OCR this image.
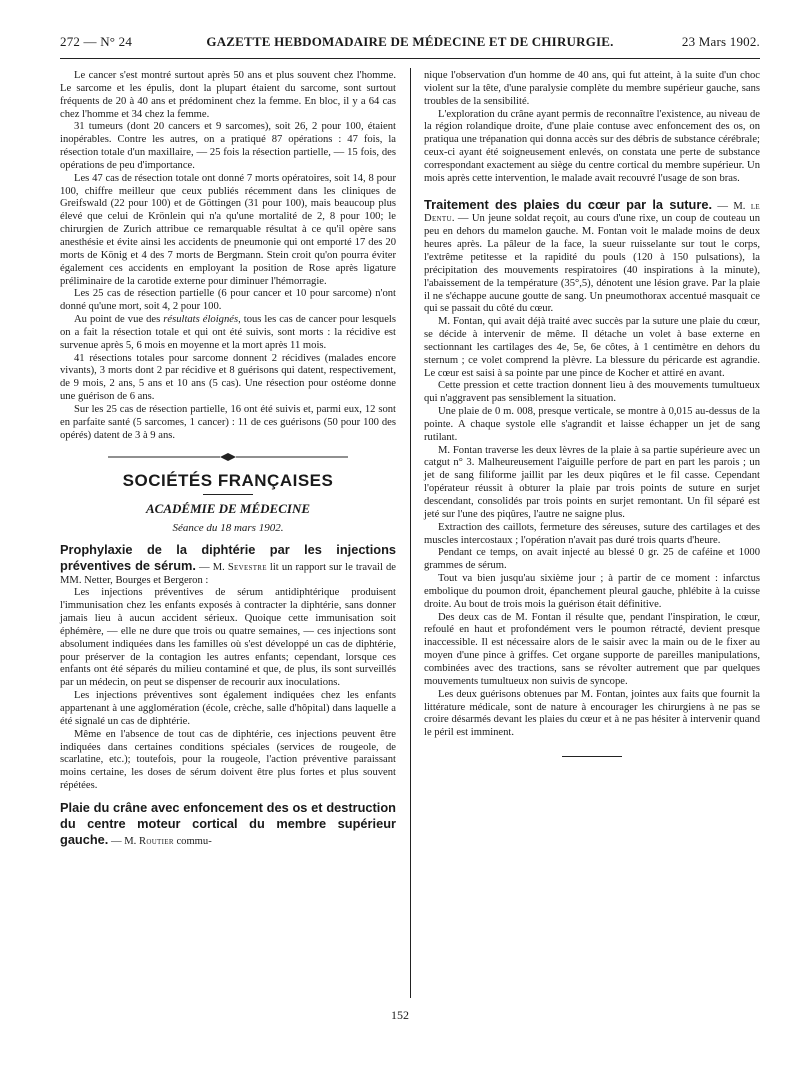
272 — N° 24	GAZETTE HEBDOMADAIRE DE MÉDECINE ET DE CHIRURGIE.	23 Mars 1902.

Le cancer s'est montré surtout après 50 ans et plus souvent chez l'homme. Le sarcome et les épulis, dont la plupart étaient du sarcome, sont surtout fréquents de 20 à 40 ans et prédominent chez la femme. En bloc, il y a 64 cas chez l'homme et 34 chez la femme.

31 tumeurs (dont 20 cancers et 9 sarcomes), soit 26, 2 pour 100, étaient inopérables. Contre les autres, on a pratiqué 87 opérations : 47 fois, la résection totale d'un maxillaire, — 25 fois la résection partielle, — 15 fois, des opérations de peu d'importance.

Les 47 cas de résection totale ont donné 7 morts opératoires, soit 14, 8 pour 100, chiffre meilleur que ceux publiés récemment dans les cliniques de Greifswald (22 pour 100) et de Göttingen (31 pour 100), mais beaucoup plus élevé que celui de Krönlein qui n'a qu'une mortalité de 2, 8 pour 100; le chirurgien de Zurich attribue ce remarquable résultat à ce qu'il opère sans anesthésie et évite ainsi les accidents de pneumonie qui ont emporté 17 des 20 morts de König et 4 des 7 morts de Bergmann. Stein croit qu'on pourra éviter également ces accidents en employant la position de Rose après ligature préliminaire de la carotide externe pour diminuer l'hémorragie.

Les 25 cas de résection partielle (6 pour cancer et 10 pour sarcome) n'ont donné qu'une mort, soit 4, 2 pour 100.

Au point de vue des résultats éloignés, tous les cas de cancer pour lesquels on a fait la résection totale et qui ont été suivis, sont morts : la récidive est survenue après 5, 6 mois en moyenne et la mort après 11 mois.

41 résections totales pour sarcome donnent 2 récidives (malades encore vivants), 3 morts dont 2 par récidive et 8 guérisons qui datent, respectivement, de 9 mois, 2 ans, 5 ans et 10 ans (5 cas). Une résection pour ostéome donne une guérison de 6 ans.

Sur les 25 cas de résection partielle, 16 ont été suivis et, parmi eux, 12 sont en parfaite santé (5 sarcomes, 1 cancer) : 11 de ces guérisons (50 pour 100 des opérés) datent de 3 à 9 ans.

SOCIÉTÉS FRANÇAISES
ACADÉMIE DE MÉDECINE
Séance du 18 mars 1902.

Prophylaxie de la diphtérie par les injections préventives de sérum. — M. Sevestre lit un rapport sur le travail de MM. Netter, Bourges et Bergeron :

Les injections préventives de sérum antidiphtérique produisent l'immunisation chez les enfants exposés à contracter la diphtérie, sans donner jamais lieu à aucun accident sérieux. Quoique cette immunisation soit éphémère, — elle ne dure que trois ou quatre semaines, — ces injections sont absolument indiquées dans les familles où s'est développé un cas de diphtérie, pour préserver de la contagion les autres enfants; cependant, lorsque ces enfants ont été séparés du milieu contaminé et que, de plus, ils sont surveillés par un médecin, on peut se dispenser de recourir aux inoculations.

Les injections préventives sont également indiquées chez les enfants appartenant à une agglomération (école, crèche, salle d'hôpital) dans laquelle a été signalé un cas de diphtérie.

Même en l'absence de tout cas de diphtérie, ces injections peuvent être indiquées dans certaines conditions spéciales (services de rougeole, de scarlatine, etc.); toutefois, pour la rougeole, l'action préventive paraissant moins certaine, les doses de sérum doivent être plus fortes et plus souvent répétées.

Plaie du crâne avec enfoncement des os et destruction du centre moteur cortical du membre supérieur gauche. — M. Routier commu-

nique l'observation d'un homme de 40 ans, qui fut atteint, à la suite d'un choc violent sur la tête, d'une paralysie complète du membre supérieur gauche, sans troubles de la sensibilité.

L'exploration du crâne ayant permis de reconnaître l'existence, au niveau de la région rolandique droite, d'une plaie contuse avec enfoncement des os, on pratiqua une trépanation qui donna accès sur des débris de substance cérébrale; ceux-ci ayant été soigneusement enlevés, on constata une perte de substance correspondant exactement au siège du centre cortical du membre supérieur. Un mois après cette intervention, le malade avait recouvré l'usage de son bras.

Traitement des plaies du cœur par la suture. — M. le Dentu. — Un jeune soldat reçoit, au cours d'une rixe, un coup de couteau un peu en dehors du mamelon gauche. M. Fontan voit le malade moins de deux heures après. La pâleur de la face, la sueur ruisselante sur tout le corps, l'extrême petitesse et la rapidité du pouls (120 à 150 pulsations), la précipitation des mouvements respiratoires (40 inspirations à la minute), l'abaissement de la température (35°,5), dénotent une lésion grave. Par la plaie il ne s'échappe aucune goutte de sang. Un pneumothorax accentué masquait ce qui se passait du côté du cœur.

M. Fontan, qui avait déjà traité avec succès par la suture une plaie du cœur, se décide à intervenir de même. Il détache un volet à base externe en sectionnant les cartilages des 4e, 5e, 6e côtes, à 1 centimètre en dehors du sternum ; ce volet comprend la plèvre. La blessure du péricarde est agrandie. Le cœur est saisi à sa pointe par une pince de Kocher et attiré en avant.

Cette pression et cette traction donnent lieu à des mouvements tumultueux qui n'aggravent pas sensiblement la situation.

Une plaie de 0 m. 008, presque verticale, se montre à 0,015 au-dessus de la pointe. A chaque systole elle s'agrandit et laisse échapper un jet de sang rutilant.

M. Fontan traverse les deux lèvres de la plaie à sa partie supérieure avec un catgut n° 3. Malheureusement l'aiguille perfore de part en part les parois ; un jet de sang filiforme jaillit par les deux piqûres et le fil casse. Cependant l'opérateur réussit à obturer la plaie par trois points de suture en surjet descendant, consolidés par trois points en surjet remontant. Un fil séparé est jeté sur l'une des piqûres, l'autre ne saigne plus.

Extraction des caillots, fermeture des séreuses, suture des cartilages et des muscles intercostaux ; l'opération n'avait pas duré trois quarts d'heure.

Pendant ce temps, on avait injecté au blessé 0 gr. 25 de caféine et 1000 grammes de sérum.

Tout va bien jusqu'au sixième jour ; à partir de ce moment : infarctus embolique du poumon droit, épanchement pleural gauche, phlébite à la cuisse droite. Au bout de trois mois la guérison était définitive.

Des deux cas de M. Fontan il résulte que, pendant l'inspiration, le cœur, refoulé en haut et profondément vers le poumon rétracté, devient presque inaccessible. Il est nécessaire alors de le saisir avec la main ou de le fixer au moyen d'une pince à griffes. Cet organe supporte de pareilles manipulations, combinées avec des tractions, sans se révolter autrement que par quelques mouvements tumultueux non suivis de syncope.

Les deux guérisons obtenues par M. Fontan, jointes aux faits que fournit la littérature médicale, sont de nature à encourager les chirurgiens à ne pas se croire désarmés devant les plaies du cœur et à ne pas hésiter à intervenir quand le péril est imminent.

152
